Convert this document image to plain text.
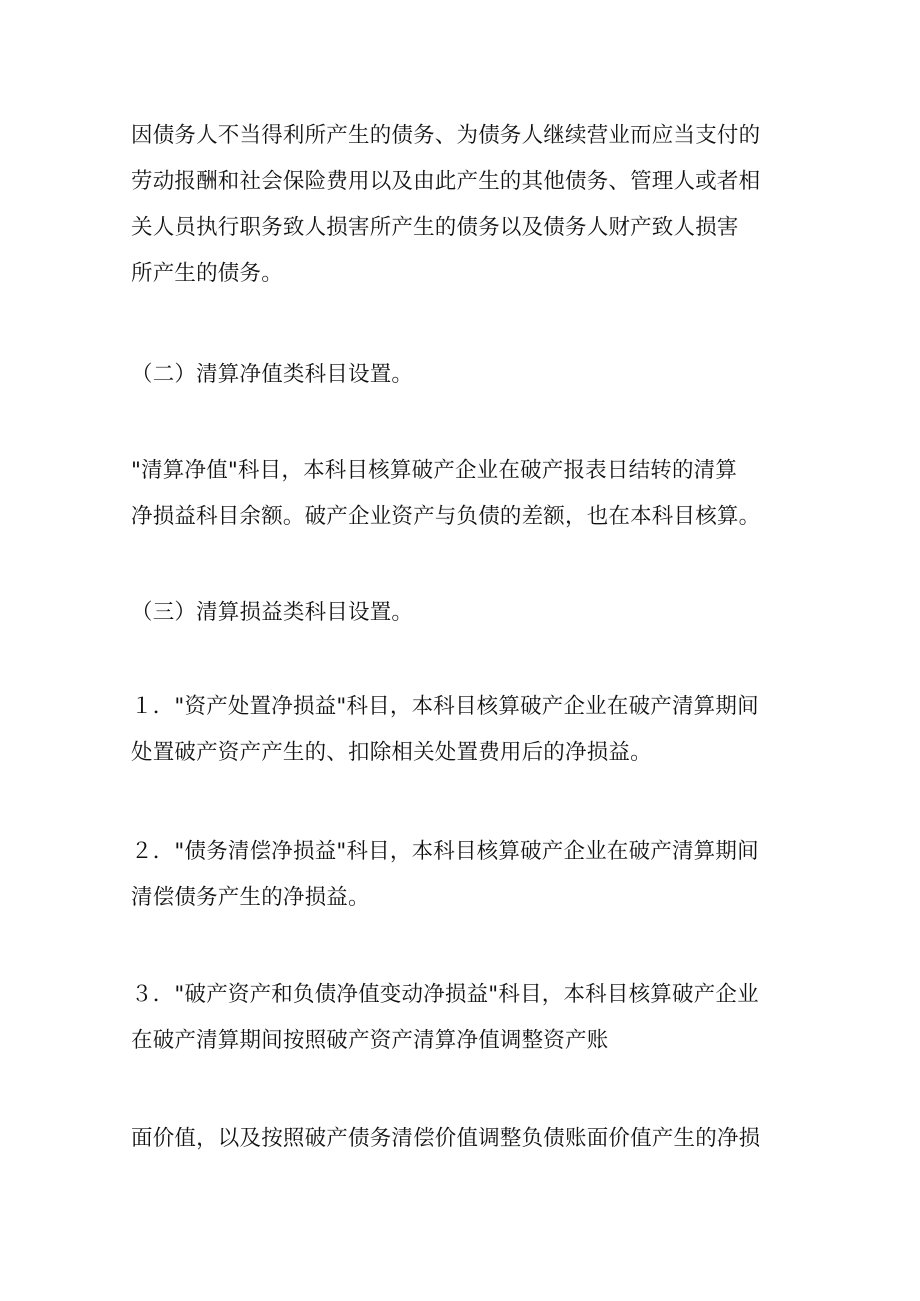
因债务人不当得利所产生的债务、为债务人继续营业而应当支付的
劳动报酬和社会保险费用以及由此产生的其他债务、管理人或者相
关人员执行职务致人损害所产生的债务以及债务人财产致人损害
所产生的债务。
（二）清算净值类科目设置。
"清算净值"科目，本科目核算破产企业在破产报表日结转的清算
净损益科目余额。破产企业资产与负债的差额，也在本科目核算。
（三）清算损益类科目设置。
１．"资产处置净损益"科目，本科目核算破产企业在破产清算期间
处置破产资产产生的、扣除相关处置费用后的净损益。
２．"债务清偿净损益"科目，本科目核算破产企业在破产清算期间
清偿债务产生的净损益。
３．"破产资产和负债净值变动净损益"科目，本科目核算破产企业
在破产清算期间按照破产资产清算净值调整资产账
面价值，以及按照破产债务清偿价值调整负债账面价值产生的净损
